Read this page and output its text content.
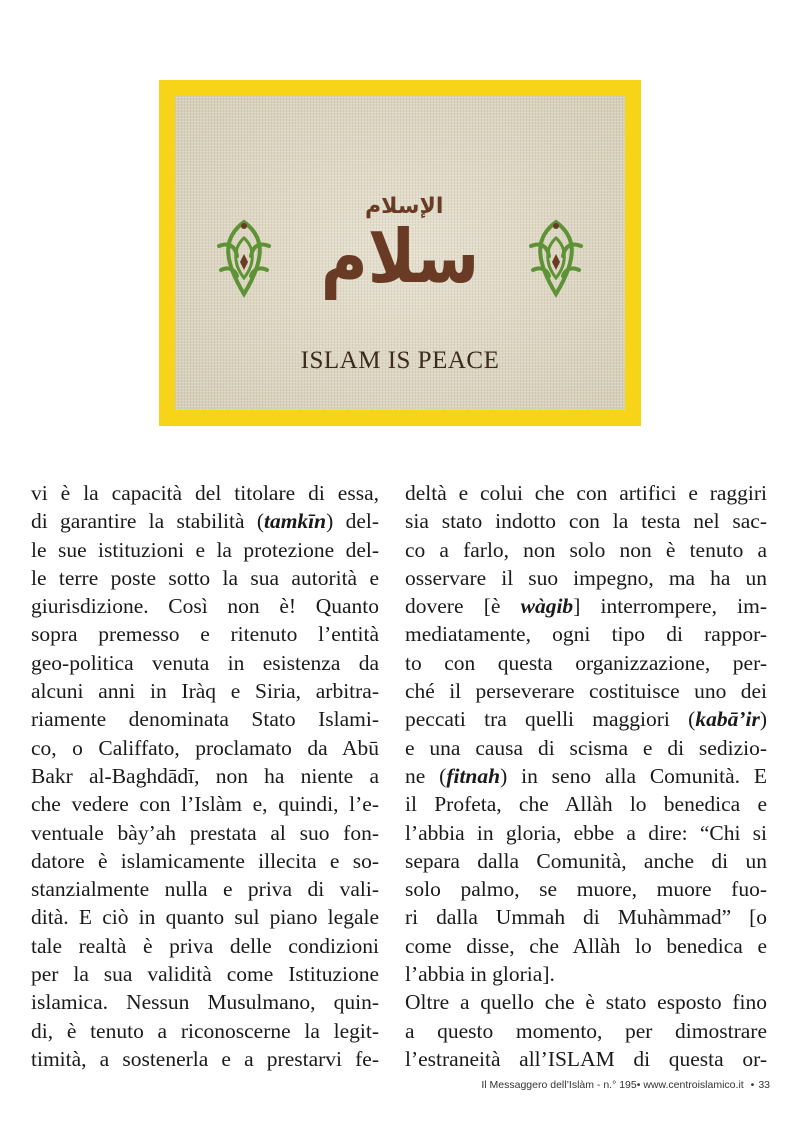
الإسلام
سلام
ISLAM IS PEACE
vi è la capacità del titolare di essa,
di garantire la stabilità (tamkīn) del-
le sue istituzioni e la protezione del-
le terre poste sotto la sua autorità e
giurisdizione. Così non è! Quanto
sopra premesso e ritenuto l’entità
geo-politica venuta in esistenza da
alcuni anni in Iràq e Siria, arbitra-
riamente denominata Stato Islami-
co, o Califfato, proclamato da Abū
Bakr al-Baghdādī, non ha niente a
che vedere con l’Islàm e, quindi, l’e-
ventuale bày’ah prestata al suo fon-
datore è islamicamente illecita e so-
stanzialmente nulla e priva di vali-
dità. E ciò in quanto sul piano legale
tale realtà è priva delle condizioni
per la sua validità come Istituzione
islamica. Nessun Musulmano, quin-
di, è tenuto a riconoscerne la legit-
timità, a sostenerla e a prestarvi fe-
deltà e colui che con artifici e raggiri
sia stato indotto con la testa nel sac-
co a farlo, non solo non è tenuto a
osservare il suo impegno, ma ha un
dovere [è wàgib] interrompere, im-
mediatamente, ogni tipo di rappor-
to con questa organizzazione, per-
ché il perseverare costituisce uno dei
peccati tra quelli maggiori (kabā’ir)
e una causa di scisma e di sedizio-
ne (fitnah) in seno alla Comunità. E
il Profeta, che Allàh lo benedica e
l’abbia in gloria, ebbe a dire: “Chi si
separa dalla Comunità, anche di un
solo palmo, se muore, muore fuo-
ri dalla Ummah di Muhàmmad” [o
come disse, che Allàh lo benedica e
l’abbia in gloria].
Oltre a quello che è stato esposto fino
a questo momento, per dimostrare
l’estraneità all’ISLAM di questa or-
Il Messaggero dell’Islàm - n.° 195• www.centroislamico.it • 33
